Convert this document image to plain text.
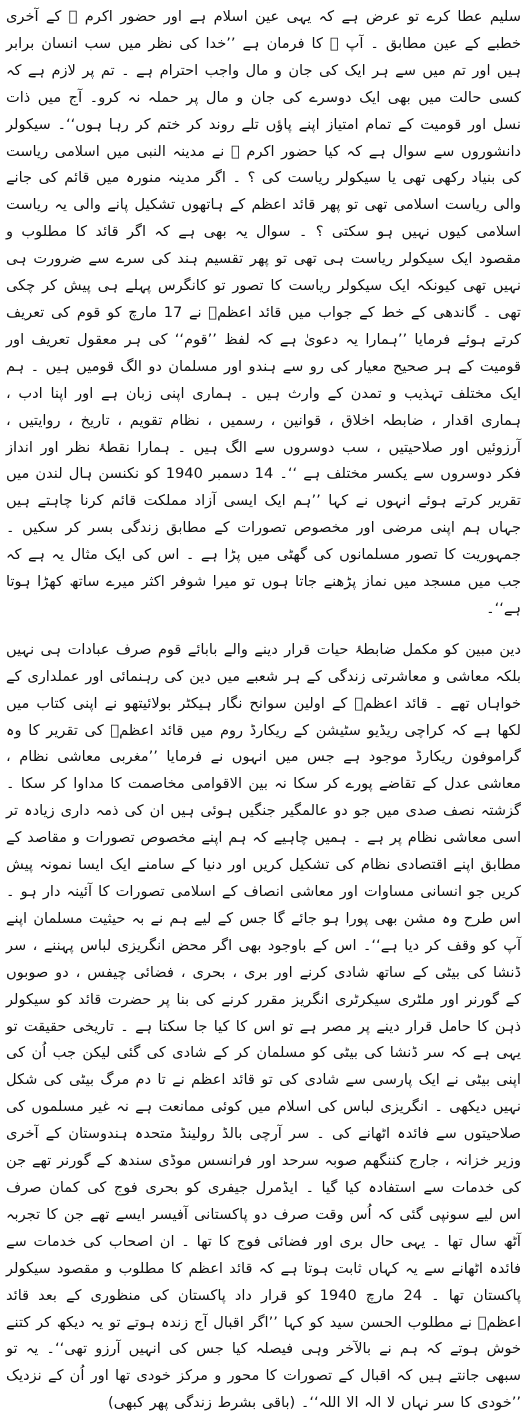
سلیم عطا کرے تو عرض ہے کہ یہی عین اسلام ہے اور حضور اکرم ﷺ کے آخری خطبے کے عین مطابق ۔ آپ ﷺ کا فرمان ہے ’’خدا کی نظر میں سب انسان برابر ہیں اور تم میں سے ہر ایک کی جان و مال واجب احترام ہے ۔ تم پر لازم ہے کہ کسی حالت میں بھی ایک دوسرے کی جان و مال پر حملہ نہ کرو۔ آج میں ذات نسل اور قومیت کے تمام امتیاز اپنے پاؤں تلے روند کر ختم کر رہا ہوں‘‘۔ سیکولر دانشوروں سے سوال ہے کہ کیا حضور اکرم ﷺ نے مدینہ النبی میں اسلامی ریاست کی بنیاد رکھی تھی یا سیکولر ریاست کی ؟ ۔ اگر مدینہ منورہ میں قائم کی جانے والی ریاست اسلامی تھی تو پھر قائد اعظم کے ہاتھوں تشکیل پانے والی یہ ریاست اسلامی کیوں نہیں ہو سکتی ؟ ۔ سوال یہ بھی ہے کہ اگر قائد کا مطلوب و مقصود ایک سیکولر ریاست ہی تھی تو پھر تقسیم ہند کی سرے سے ضرورت ہی نہیں تھی کیونکہ ایک سیکولر ریاست کا تصور تو کانگرس پہلے ہی پیش کر چکی تھی ۔ گاندھی کے خط کے جواب میں قائد اعظمؒ نے 17 مارچ کو قوم کی تعریف کرتے ہوئے فرمایا ’’ہمارا یہ دعویٰ ہے کہ لفظ ’’قوم‘‘ کی ہر معقول تعریف اور قومیت کے ہر صحیح معیار کی رو سے ہندو اور مسلمان دو الگ قومیں ہیں ۔ ہم ایک مختلف تہذیب و تمدن کے وارث ہیں ۔ ہماری اپنی زبان ہے اور اپنا ادب ، ہماری اقدار ، ضابطہ اخلاق ، قوانین ، رسمیں ، نظام تقویم ، تاریخ ، روایتیں ، آرزوئیں اور صلاحیتیں ، سب دوسروں سے الگ ہیں ۔ ہمارا نقطۂ نظر اور انداز فکر دوسروں سے یکسر مختلف ہے ‘‘۔ 14 دسمبر 1940 کو نکنسن ہال لندن میں تقریر کرتے ہوئے انہوں نے کہا ’’ہم ایک ایسی آزاد مملکت قائم کرنا چاہتے ہیں جہاں ہم اپنی مرضی اور مخصوص تصورات کے مطابق زندگی بسر کر سکیں ۔ جمہوریت کا تصور مسلمانوں کی گھٹی میں پڑا ہے ۔ اس کی ایک مثال یہ ہے کہ جب میں مسجد میں نماز پڑھنے جاتا ہوں تو میرا شوفر اکثر میرے ساتھ کھڑا ہوتا ہے‘‘۔

دین مبین کو مکمل ضابطۂ حیات قرار دینے والے بابائے قوم صرف عبادات ہی نہیں بلکہ معاشی و معاشرتی زندگی کے ہر شعبے میں دین کی رہنمائی اور عملداری کے خواہاں تھے ۔ قائد اعظمؒ کے اولین سوانح نگار ہیکٹر بولائیتھو نے اپنی کتاب میں لکھا ہے کہ کراچی ریڈیو سٹیشن کے ریکارڈ روم میں قائد اعظمؒ کی تقریر کا وہ گراموفون ریکارڈ موجود ہے جس میں انہوں نے فرمایا ’’مغربی معاشی نظام ، معاشی عدل کے تقاضے پورے کر سکا نہ بین الاقوامی مخاصمت کا مداوا کر سکا ۔ گزشتہ نصف صدی میں جو دو عالمگیر جنگیں ہوئی ہیں ان کی ذمہ داری زیادہ تر اسی معاشی نظام پر ہے ۔ ہمیں چاہیے کہ ہم اپنے مخصوص تصورات و مقاصد کے مطابق اپنے اقتصادی نظام کی تشکیل کریں اور دنیا کے سامنے ایک ایسا نمونہ پیش کریں جو انسانی مساوات اور معاشی انصاف کے اسلامی تصورات کا آئینہ دار ہو ۔ اس طرح وہ مشن بھی پورا ہو جائے گا جس کے لیے ہم نے بہ حیثیت مسلمان اپنے آپ کو وقف کر دیا ہے‘‘۔ اس کے باوجود بھی اگر محض انگریزی لباس پہننے ، سر ڈنشا کی بیٹی کے ساتھ شادی کرنے اور بری ، بحری ، فضائی چیفس ، دو صوبوں کے گورنر اور ملٹری سیکرٹری انگریز مقرر کرنے کی بنا پر حضرت قائد کو سیکولر ذہن کا حامل قرار دینے پر مصر ہے تو اس کا کیا جا سکتا ہے ۔ تاریخی حقیقت تو یہی ہے کہ سر ڈنشا کی بیٹی کو مسلمان کر کے شادی کی گئی لیکن جب اُن کی اپنی بیٹی نے ایک پارسی سے شادی کی تو قائد اعظم نے تا دم مرگ بیٹی کی شکل نہیں دیکھی ۔ انگریزی لباس کی اسلام میں کوئی ممانعت ہے نہ غیر مسلموں کی صلاحیتوں سے فائدہ اٹھانے کی ۔ سر آرچی بالڈ رولینڈ متحدہ ہندوستان کے آخری وزیر خزانہ ، جارج کننگھم صوبہ سرحد اور فرانسس موڈی سندھ کے گورنر تھے جن کی خدمات سے استفادہ کیا گیا ۔ ایڈمرل جیفری کو بحری فوج کی کمان صرف اس لیے سونپی گئی کہ اُس وقت صرف دو پاکستانی آفیسر ایسے تھے جن کا تجربہ آٹھ سال تھا ۔ یہی حال بری اور فضائی فوج کا تھا ۔ ان اصحاب کی خدمات سے فائدہ اٹھانے سے یہ کہاں ثابت ہوتا ہے کہ قائد اعظم کا مطلوب و مقصود سیکولر پاکستان تھا ۔ 24 مارچ 1940 کو قرار داد پاکستان کی منظوری کے بعد قائد اعظمؒ نے مطلوب الحسن سید کو کہا ’’اگر اقبال آج زندہ ہوتے تو یہ دیکھ کر کتنے خوش ہوتے کہ ہم نے بالآخر وہی فیصلہ کیا جس کی انہیں آرزو تھی‘‘۔ یہ تو سبھی جانتے ہیں کہ اقبال کے تصورات کا محور و مرکز خودی تھا اور اُن کے نزدیک ’’خودی کا سر نہاں لا الہ الا اللہ‘‘۔ (باقی بشرط زندگی پھر کبھی)
